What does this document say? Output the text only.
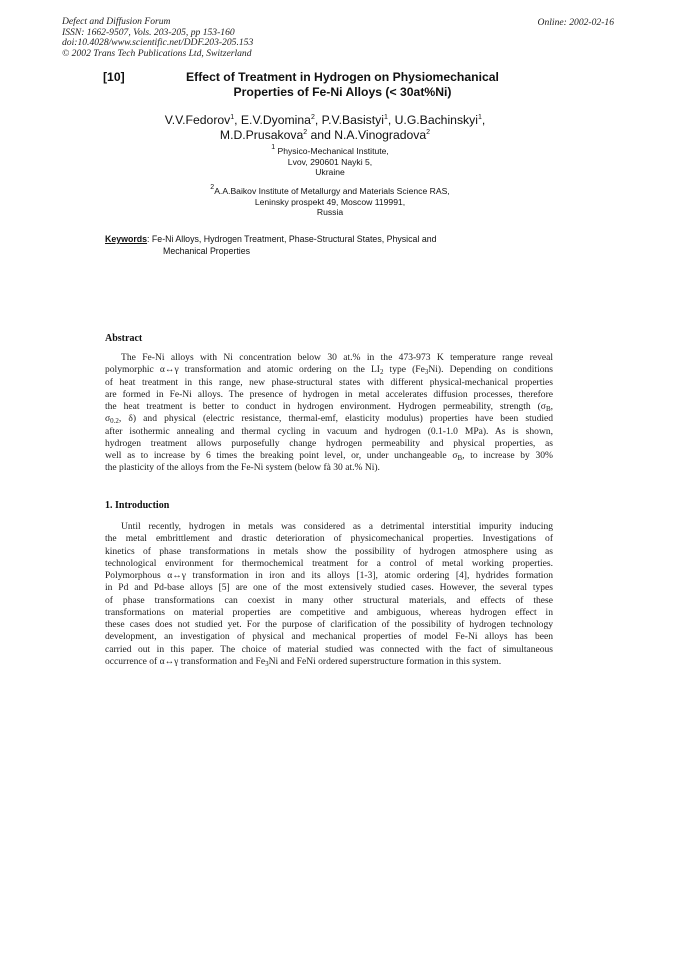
Defect and Diffusion Forum
ISSN: 1662-9507, Vols. 203-205, pp 153-160
doi:10.4028/www.scientific.net/DDF.203-205.153
© 2002 Trans Tech Publications Ltd, Switzerland
Online: 2002-02-16
[10]	Effect of Treatment in Hydrogen on Physiomechanical
Properties of Fe-Ni Alloys (< 30at%Ni)
V.V.Fedorov$^1$, E.V.Dyomina$^2$, P.V.Basistyi$^1$, U.G.Bachinskyi$^1$,
M.D.Prusakova$^2$ and N.A.Vinogradova$^2$
$^1$ Physico-Mechanical Institute,
Lvov, 290601 Nayki 5,
Ukraine
$^2$A.A.Baikov Institute of Metallurgy and Materials Science RAS,
Leninsky prospekt 49, Moscow 119991,
Russia
Keywords: Fe-Ni Alloys, Hydrogen Treatment, Phase-Structural States, Physical and
Mechanical Properties
Abstract
The Fe-Ni alloys with Ni concentration below 30 at.% in the 473-973 K temperature range reveal
polymorphic α↔γ transformation and atomic ordering on the $LI_2$ type $(Fe_3Ni)$. Depending on conditions
of heat treatment in this range, new phase-structural states with different physical-mechanical properties
are formed in Fe-Ni alloys. The presence of hydrogen in metal accelerates diffusion processes, therefore
the heat treatment is better to conduct in hydrogen environment. Hydrogen permeability, strength ($\sigma_B$,
$\sigma_{0.2}$, δ) and physical (electric resistance, thermal-emf, elasticity modulus) properties have been studied
after isothermic annealing and thermal cycling in vacuum and hydrogen (0.1-1.0 MPa). As is shown,
hydrogen treatment allows purposefully change hydrogen permeability and physical properties, as
well as to increase by 6 times the breaking point level, or, under unchangeable $\sigma_B$, to increase by 30%
the plasticity of the alloys from the Fe-Ni system (below fà 30 at.% Ni).
1. Introduction
Until recently, hydrogen in metals was considered as a detrimental interstitial impurity inducing
the metal embrittlement and drastic deterioration of physicomechanical properties. Investigations of
kinetics of phase transformations in metals show the possibility of hydrogen atmosphere using as
technological environment for thermochemical treatment for a control of metal working properties.
Polymorphous α↔γ transformation in iron and its alloys [1-3], atomic ordering [4], hydrides formation
in Pd and Pd-base alloys [5] are one of the most extensively studied cases. However, the several types
of phase transformations can coexist in many other structural materials, and effects of these
transformations on material properties are competitive and ambiguous, whereas hydrogen effect in
these cases does not studied yet. For the purpose of clarification of the possibility of hydrogen technology
development, an investigation of physical and mechanical properties of model Fe-Ni alloys has been
carried out in this paper. The choice of material studied was connected with the fact of simultaneous
occurrence of α↔γ transformation and $Fe_3Ni$ and FeNi ordered superstructure formation in this system.
